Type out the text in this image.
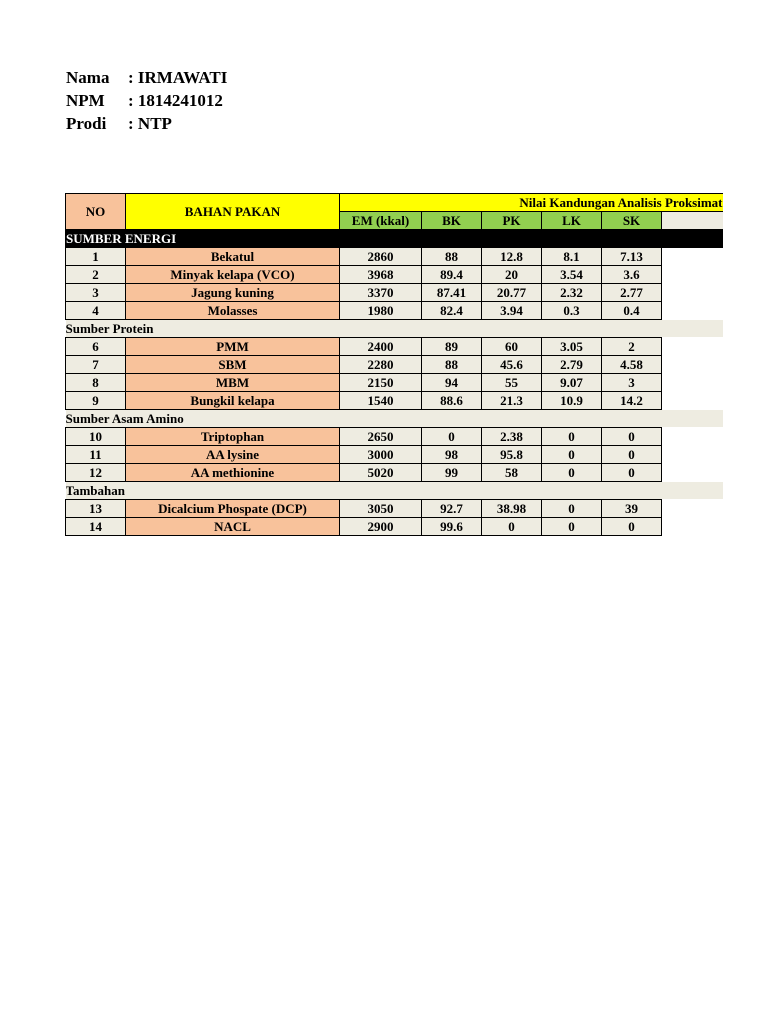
Nama	: IRMAWATI
NPM	: 1814241012
Prodi	: NTP
NO	BAHAN PAKAN	Nilai Kandungan Analisis Proksimat					
		EM (kkal)	BK	PK	LK	SK	
SUMBER ENERGI							
1	Bekatul	2860	88	12.8	8.1	7.13	
2	Minyak kelapa (VCO)	3968	89.4	20	3.54	3.6	
3	Jagung kuning	3370	87.41	20.77	2.32	2.77	
4	Molasses	1980	82.4	3.94	0.3	0.4	
Sumber Protein							
6	PMM	2400	89	60	3.05	2	
7	SBM	2280	88	45.6	2.79	4.58	
8	MBM	2150	94	55	9.07	3	
9	Bungkil kelapa	1540	88.6	21.3	10.9	14.2	
Sumber Asam Amino							
10	Triptophan	2650	0	2.38	0	0	
11	AA lysine	3000	98	95.8	0	0	
12	AA methionine	5020	99	58	0	0	
Tambahan							
13	Dicalcium Phospate (DCP)	3050	92.7	38.98	0	39	
14	NACL	2900	99.6	0	0	0	
